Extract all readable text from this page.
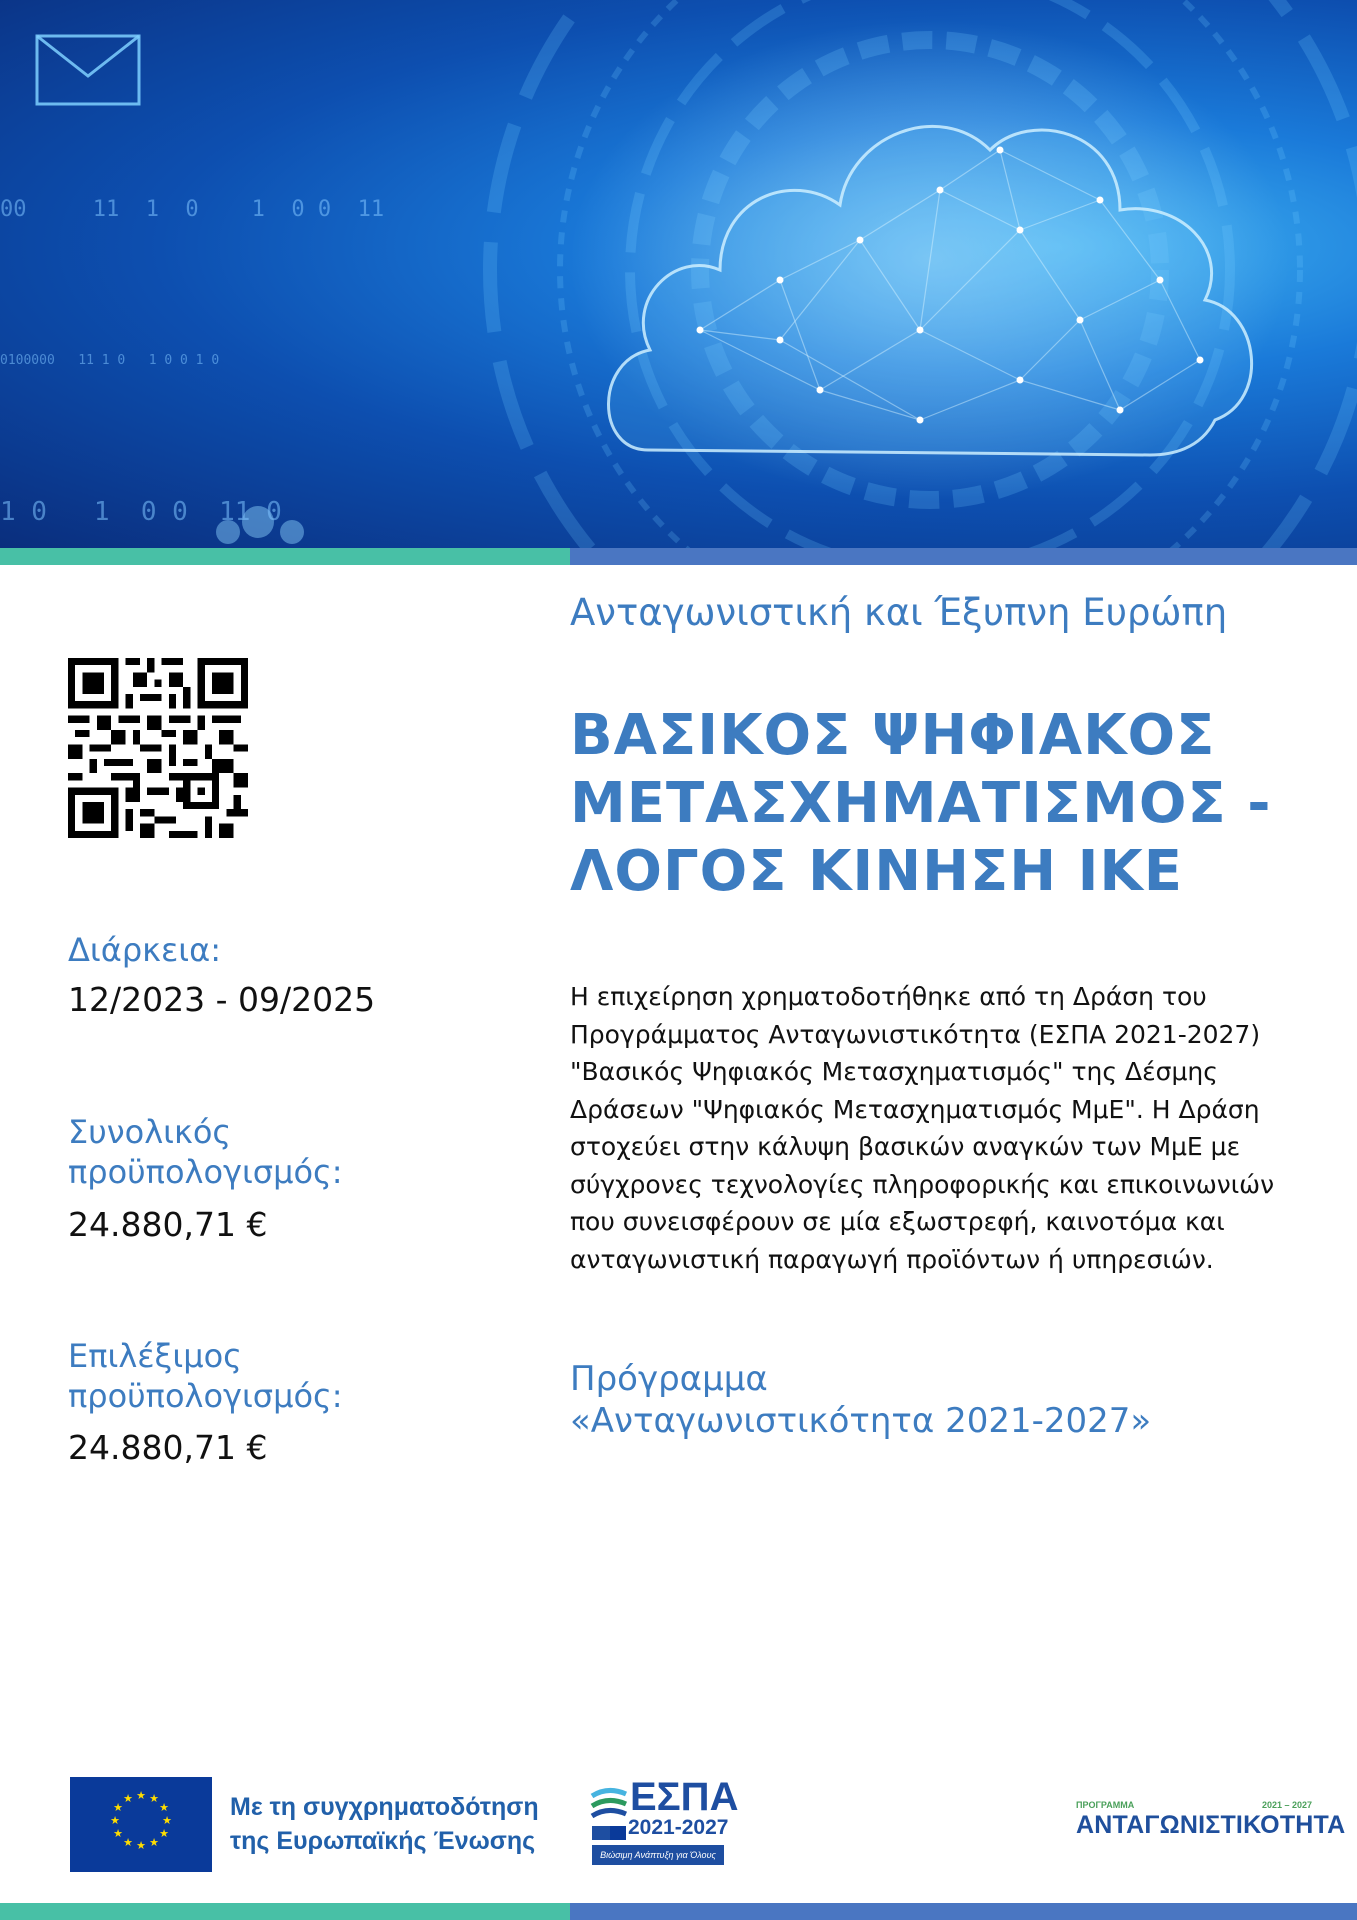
00     11  1  0    1  0 0  11

0100000   11 1 0   1 0 0 1 0

1 0   1  0 0  11 0

Διάρκεια:

12/2023 - 09/2025

Συνολικός

προϋπολογισμός:

24.880,71 €

Επιλέξιμος

προϋπολογισμός:

24.880,71 €

Ανταγωνιστική και Έξυπνη Ευρώπη

ΒΑΣΙΚΟΣ ΨΗΦΙΑΚΟΣ
ΜΕΤΑΣΧΗΜΑΤΙΣΜΟΣ -
ΛΟΓΟΣ ΚΙΝΗΣΗ ΙΚΕ

Η επιχείρηση χρηματοδοτήθηκε από τη Δράση του Προγράμματος Ανταγωνιστικότητα (ΕΣΠΑ 2021-2027) "Βασικός Ψηφιακός Μετασχηματισμός" της Δέσμης Δράσεων "Ψηφιακός Μετασχηματισμός ΜμΕ". Η Δράση στοχεύει στην κάλυψη βασικών αναγκών των ΜμΕ με σύγχρονες τεχνολογίες πληροφορικής και επικοινωνιών που συνεισφέρουν σε μία εξωστρεφή, καινοτόμα και ανταγωνιστική παραγωγή προϊόντων ή υπηρεσιών.

Πρόγραμμα
«Ανταγωνιστικότητα 2021-2027»

★ ★
★
★
★
★
★
★
★
★
★
★	Με τη συγχρηματοδότηση
της Ευρωπαϊκής Ένωσης

ΕΣΠΑ
2021-2027
Βιώσιμη Ανάπτυξη για Όλους
ΠΡΟΓΡΑΜΜΑ	2021 – 2027
ΑΝΤΑΓΩΝΙΣΤΙΚΟΤΗΤΑ
